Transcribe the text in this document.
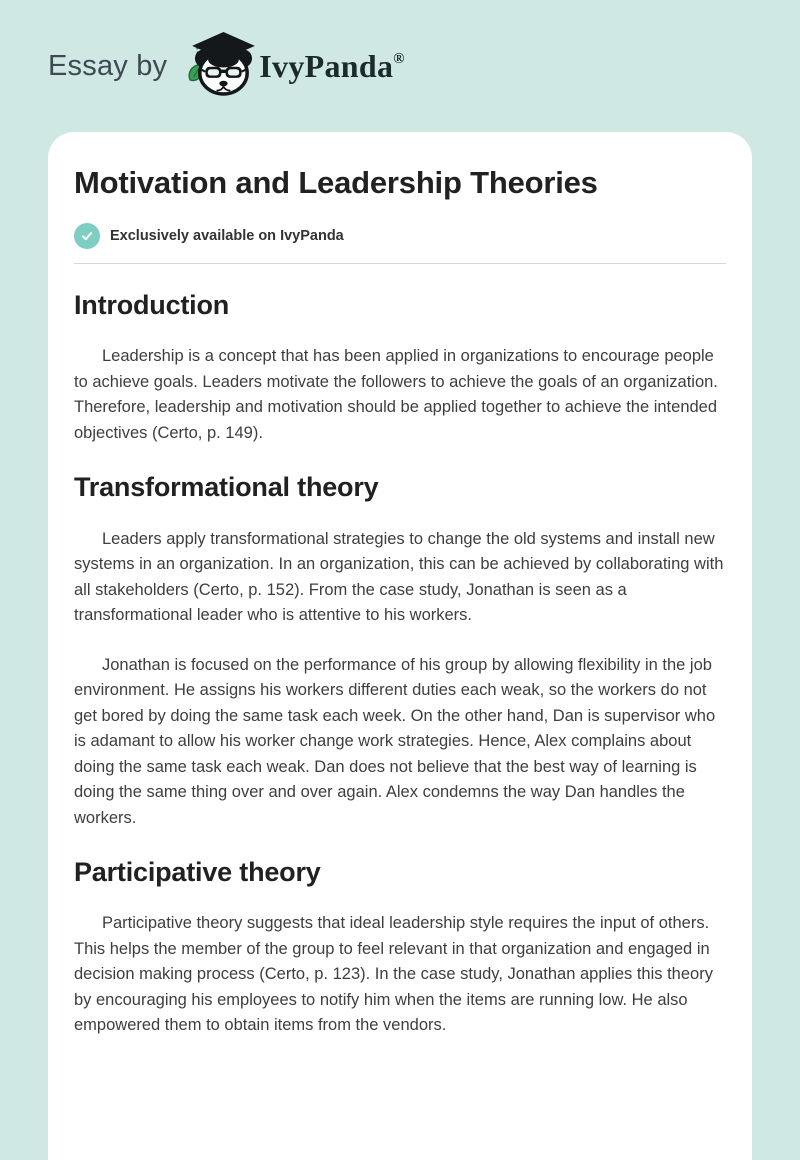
Essay by	IvyPanda®
Motivation and Leadership Theories
Exclusively available on IvyPanda
Introduction

Leadership is a concept that has been applied in organizations to encourage people to achieve goals. Leaders motivate the followers to achieve the goals of an organization. Therefore, leadership and motivation should be applied together to achieve the intended objectives (Certo, p. 149).

Transformational theory

Leaders apply transformational strategies to change the old systems and install new systems in an organization. In an organization, this can be achieved by collaborating with all stakeholders (Certo, p. 152). From the case study, Jonathan is seen as a transformational leader who is attentive to his workers.

Jonathan is focused on the performance of his group by allowing flexibility in the job environment. He assigns his workers different duties each weak, so the workers do not get bored by doing the same task each week. On the other hand, Dan is supervisor who is adamant to allow his worker change work strategies. Hence, Alex complains about doing the same task each weak. Dan does not believe that the best way of learning is doing the same thing over and over again. Alex condemns the way Dan handles the workers.

Participative theory

Participative theory suggests that ideal leadership style requires the input of others. This helps the member of the group to feel relevant in that organization and engaged in decision making process (Certo, p. 123). In the case study, Jonathan applies this theory by encouraging his employees to notify him when the items are running low. He also empowered them to obtain items from the vendors.
